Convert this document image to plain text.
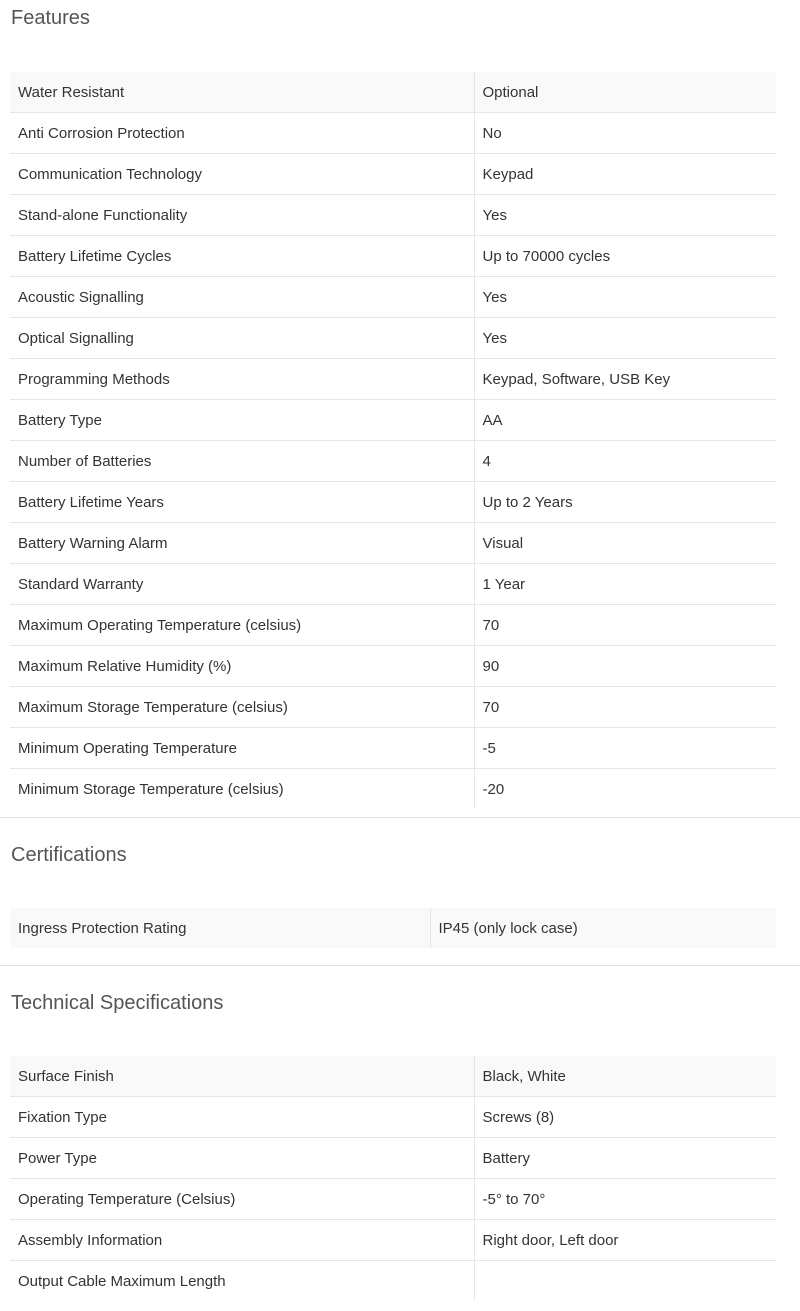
Features
Water Resistant	Optional
Anti Corrosion Protection	No
Communication Technology	Keypad
Stand-alone Functionality	Yes
Battery Lifetime Cycles	Up to 70000 cycles
Acoustic Signalling	Yes
Optical Signalling	Yes
Programming Methods	Keypad, Software, USB Key
Battery Type	AA
Number of Batteries	4
Battery Lifetime Years	Up to 2 Years
Battery Warning Alarm	Visual
Standard Warranty	1 Year
Maximum Operating Temperature (celsius)	70
Maximum Relative Humidity (%)	90
Maximum Storage Temperature (celsius)	70
Minimum Operating Temperature	-5
Minimum Storage Temperature (celsius)	-20
Certifications
Ingress Protection Rating	IP45 (only lock case)
Technical Specifications
Surface Finish	Black, White
Fixation Type	Screws (8)
Power Type	Battery
Operating Temperature (Celsius)	-5° to 70°
Assembly Information	Right door, Left door
Output Cable Maximum Length	
